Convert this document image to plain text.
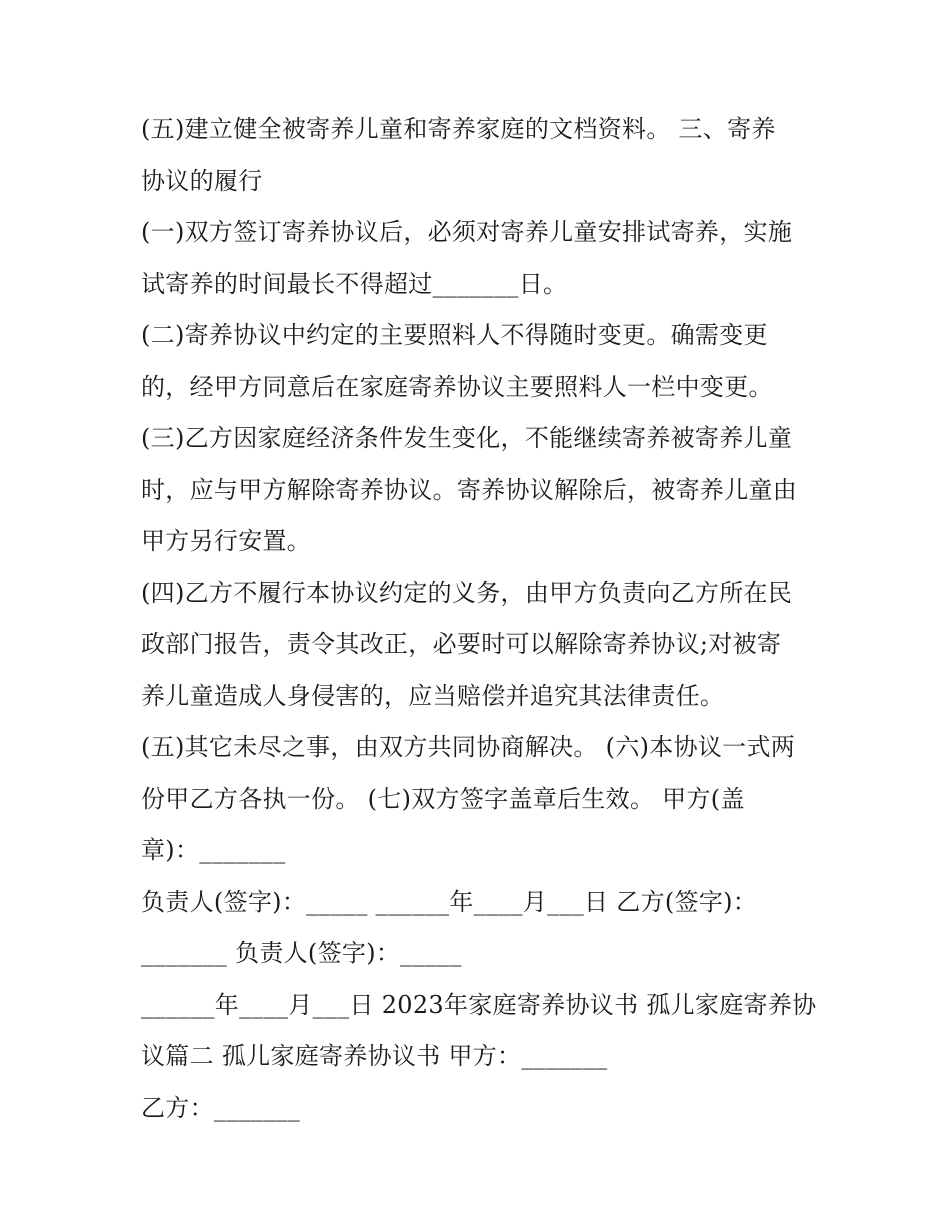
(五)建立健全被寄养儿童和寄养家庭的文档资料。 三、寄养
协议的履行
(一)双方签订寄养协议后，必须对寄养儿童安排试寄养，实施
试寄养的时间最长不得超过_______日。
(二)寄养协议中约定的主要照料人不得随时变更。确需变更
的，经甲方同意后在家庭寄养协议主要照料人一栏中变更。
(三)乙方因家庭经济条件发生变化，不能继续寄养被寄养儿童
时，应与甲方解除寄养协议。寄养协议解除后，被寄养儿童由
甲方另行安置。
(四)乙方不履行本协议约定的义务，由甲方负责向乙方所在民
政部门报告，责令其改正，必要时可以解除寄养协议;对被寄
养儿童造成人身侵害的，应当赔偿并追究其法律责任。
(五)其它未尽之事，由双方共同协商解决。 (六)本协议一式两
份甲乙方各执一份。 (七)双方签字盖章后生效。 甲方(盖
章)：_______
负责人(签字)：_____ ______年____月___日 乙方(签字)：
_______ 负责人(签字)：_____
______年____月___日 2023年家庭寄养协议书 孤儿家庭寄养协
议篇二 孤儿家庭寄养协议书 甲方：_______
乙方：_______
